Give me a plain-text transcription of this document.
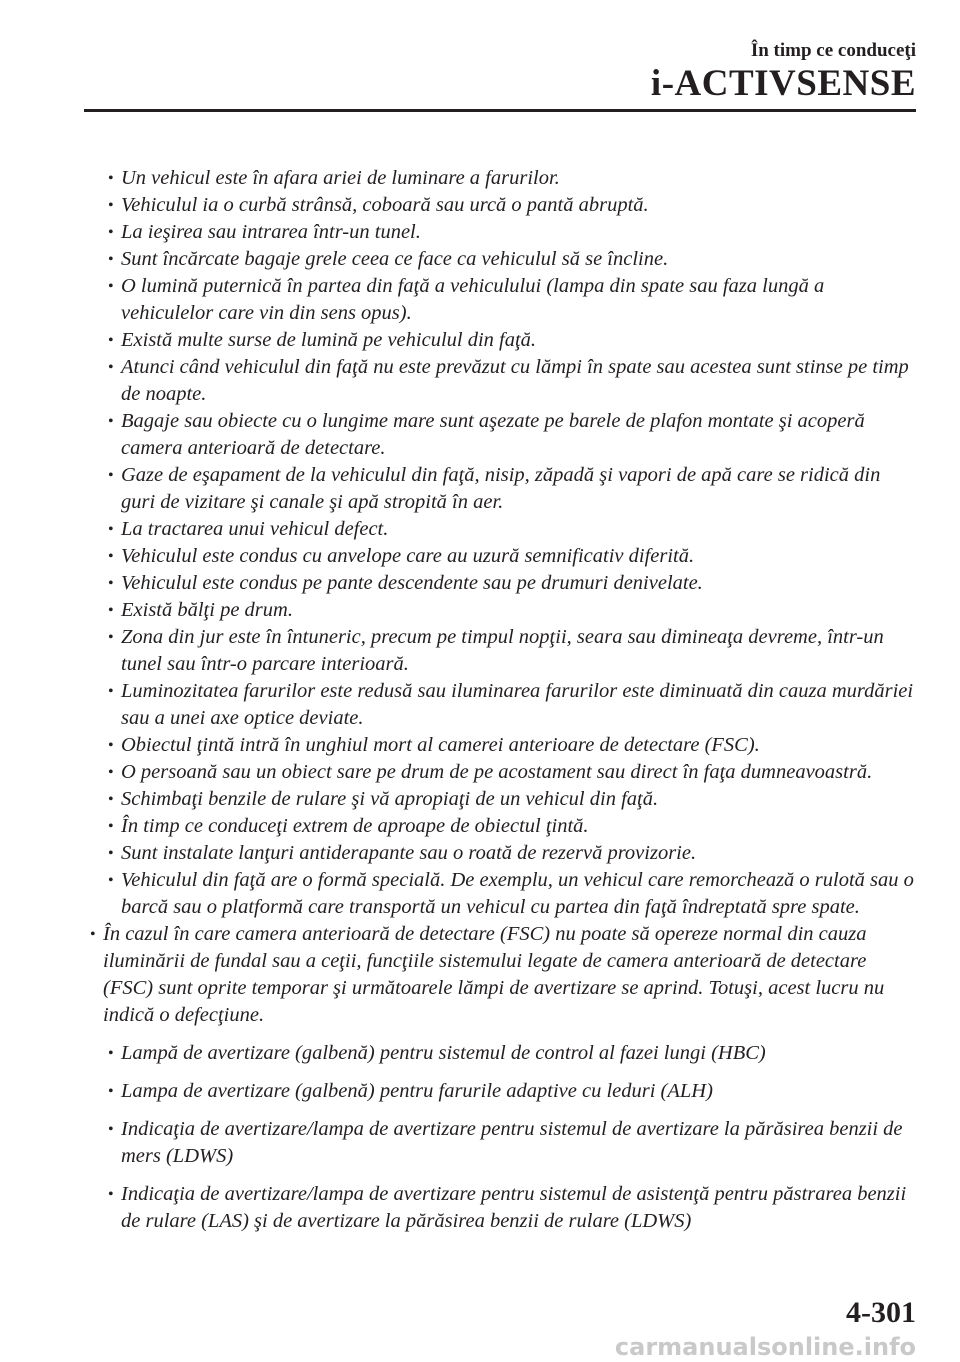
În timp ce conduceţi
i-ACTIVSENSE
• Un vehicul este în afara ariei de luminare a farurilor.
• Vehiculul ia o curbă strânsă, coboară sau urcă o pantă abruptă.
• La ieşirea sau intrarea într-un tunel.
• Sunt încărcate bagaje grele ceea ce face ca vehiculul să se încline.
• O lumină puternică în partea din faţă a vehiculului (lampa din spate sau faza lungă a vehiculelor care vin din sens opus).
• Există multe surse de lumină pe vehiculul din faţă.
• Atunci când vehiculul din faţă nu este prevăzut cu lămpi în spate sau acestea sunt stinse pe timp de noapte.
• Bagaje sau obiecte cu o lungime mare sunt aşezate pe barele de plafon montate şi acoperă camera anterioară de detectare.
• Gaze de eşapament de la vehiculul din faţă, nisip, zăpadă şi vapori de apă care se ridică din guri de vizitare şi canale şi apă stropită în aer.
• La tractarea unui vehicul defect.
• Vehiculul este condus cu anvelope care au uzură semnificativ diferită.
• Vehiculul este condus pe pante descendente sau pe drumuri denivelate.
• Există bălţi pe drum.
• Zona din jur este în întuneric, precum pe timpul nopţii, seara sau dimineaţa devreme, într-un tunel sau într-o parcare interioară.
• Luminozitatea farurilor este redusă sau iluminarea farurilor este diminuată din cauza murdăriei sau a unei axe optice deviate.
• Obiectul ţintă intră în unghiul mort al camerei anterioare de detectare (FSC).
• O persoană sau un obiect sare pe drum de pe acostament sau direct în faţa dumneavoastră.
• Schimbaţi benzile de rulare şi vă apropiaţi de un vehicul din faţă.
• În timp ce conduceţi extrem de aproape de obiectul ţintă.
• Sunt instalate lanţuri antiderapante sau o roată de rezervă provizorie.
• Vehiculul din faţă are o formă specială. De exemplu, un vehicul care remorchează o rulotă sau o barcă sau o platformă care transportă un vehicul cu partea din faţă îndreptată spre spate.
• În cazul în care camera anterioară de detectare (FSC) nu poate să opereze normal din cauza iluminării de fundal sau a ceţii, funcţiile sistemului legate de camera anterioară de detectare (FSC) sunt oprite temporar şi următoarele lămpi de avertizare se aprind. Totuşi, acest lucru nu indică o defecţiune.
• Lampă de avertizare (galbenă) pentru sistemul de control al fazei lungi (HBC)
• Lampa de avertizare (galbenă) pentru farurile adaptive cu leduri (ALH)
• Indicaţia de avertizare/lampa de avertizare pentru sistemul de avertizare la părăsirea benzii de mers (LDWS)
• Indicaţia de avertizare/lampa de avertizare pentru sistemul de asistenţă pentru păstrarea benzii de rulare (LAS) şi de avertizare la părăsirea benzii de rulare (LDWS)
4-301
carmanualsonline.info
